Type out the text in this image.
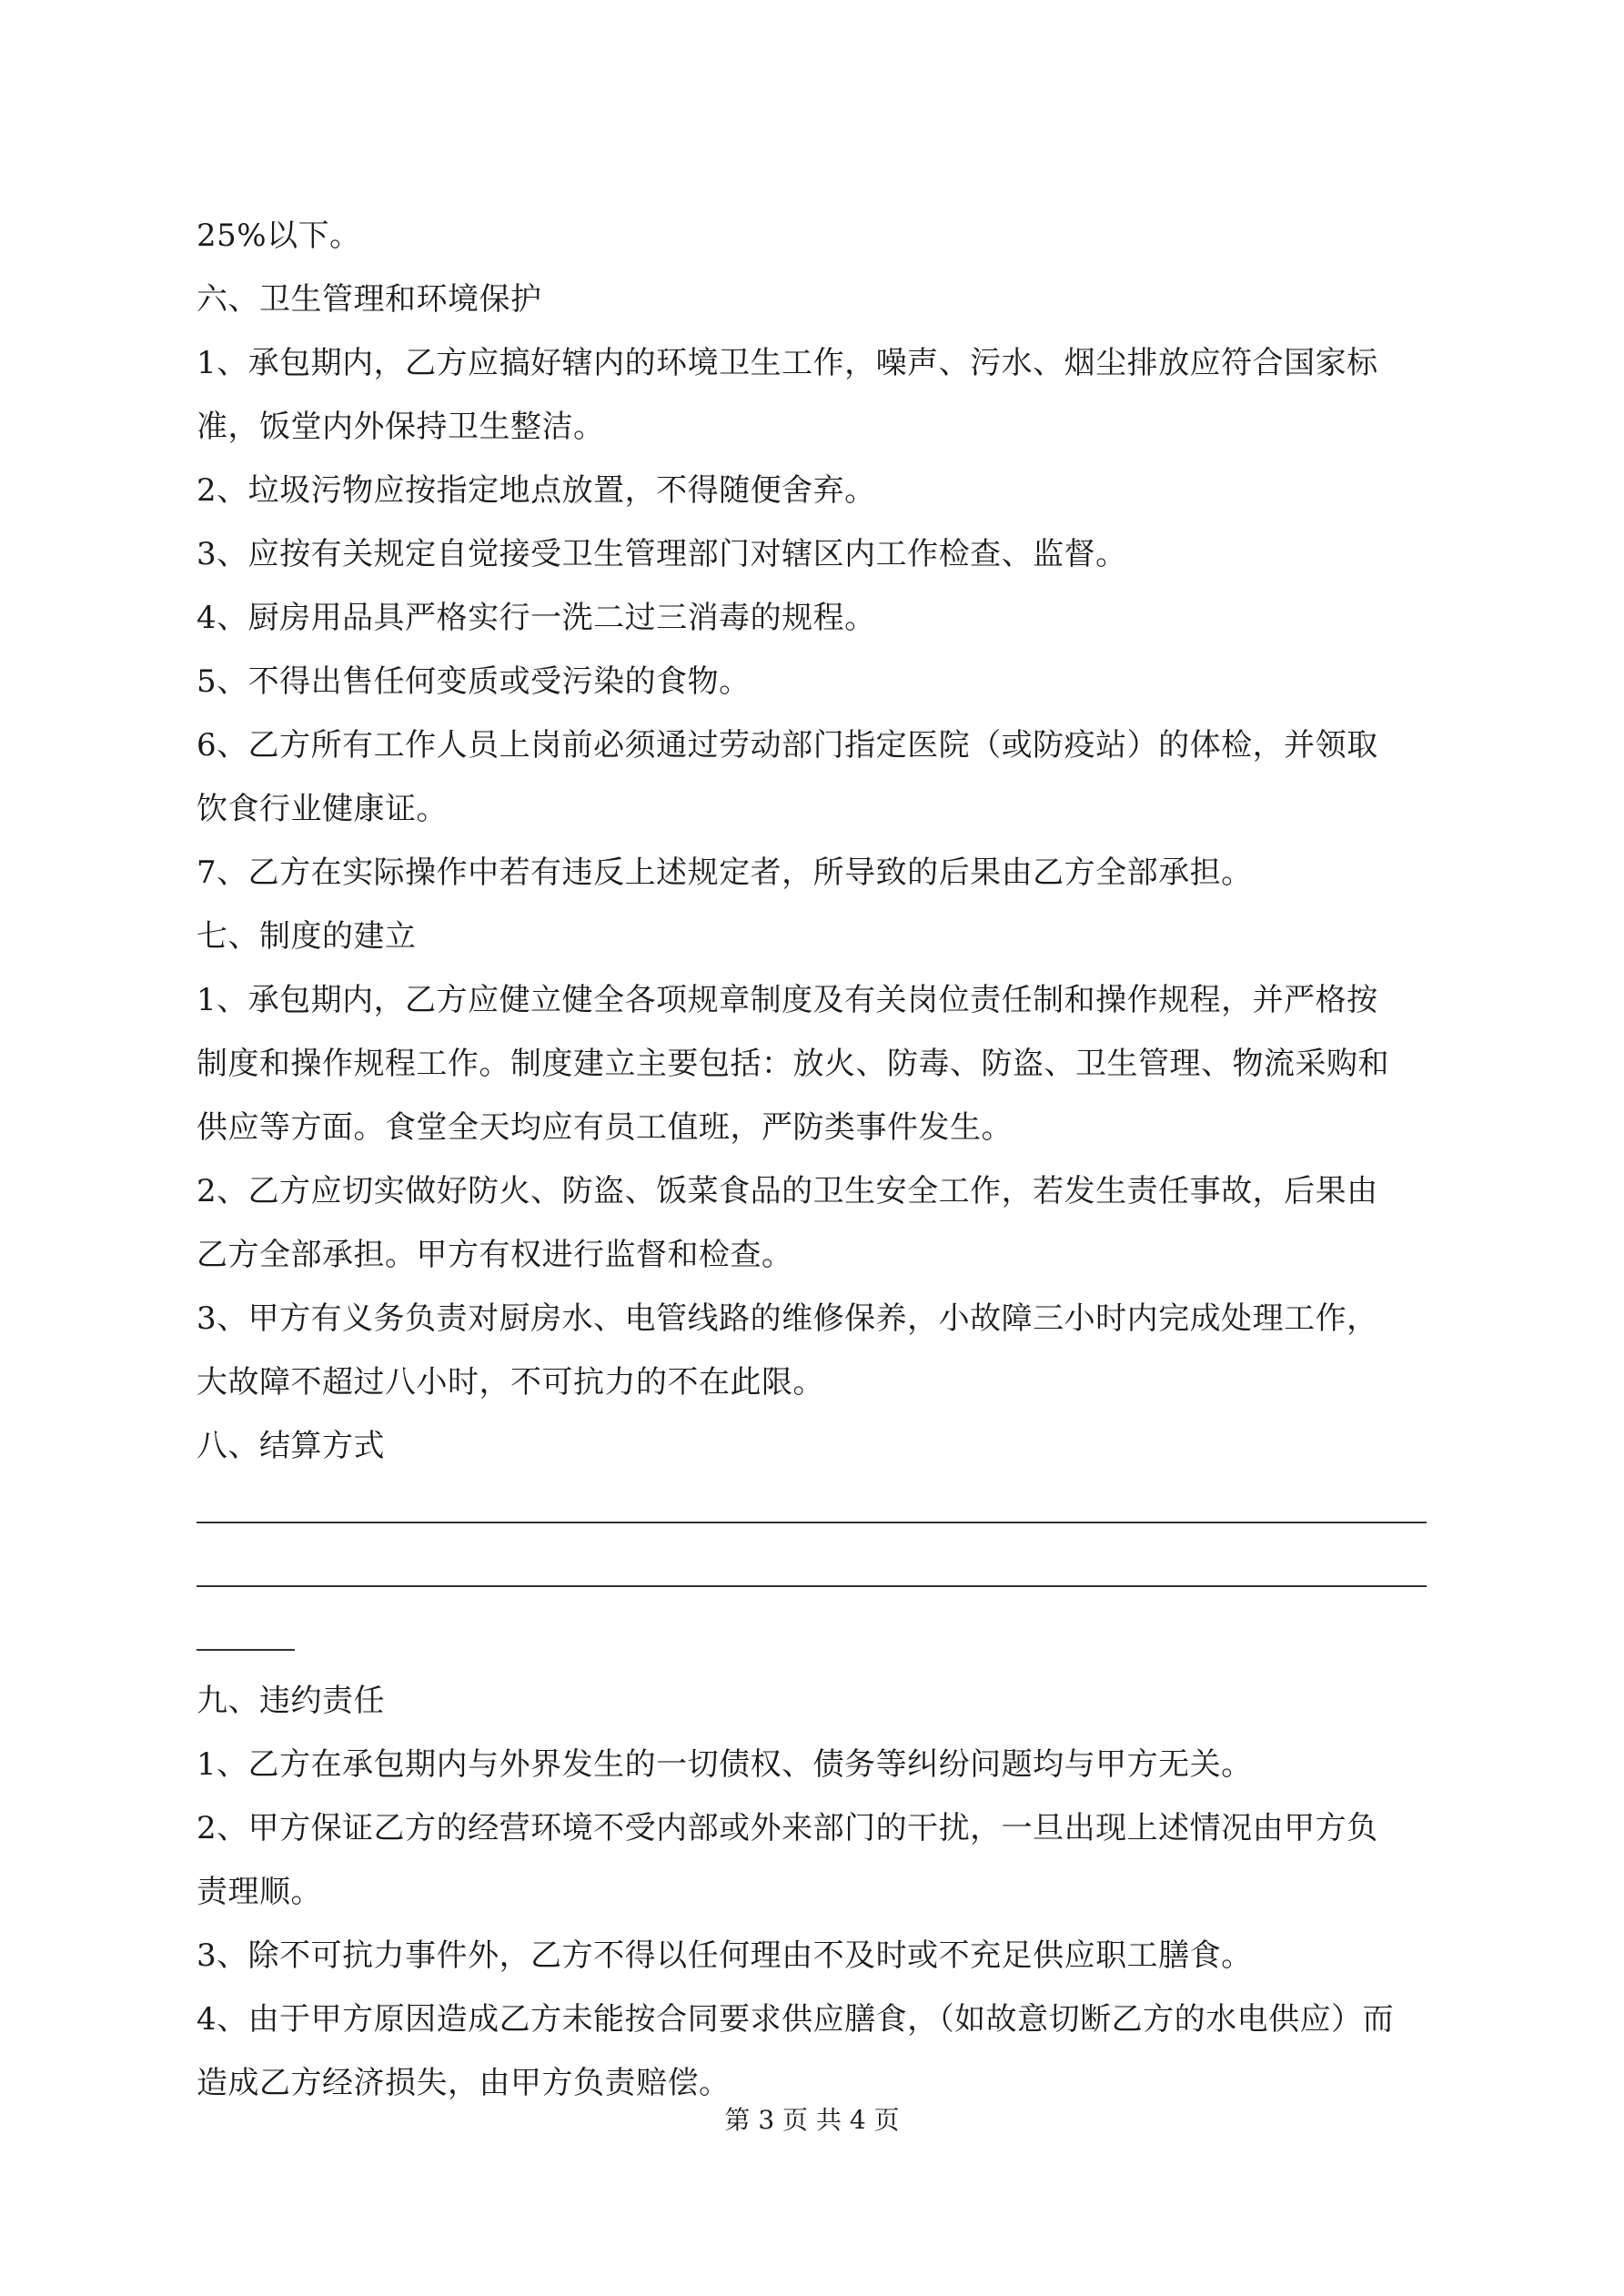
25%以下。
六、卫生管理和环境保护
1、承包期内，乙方应搞好辖内的环境卫生工作，噪声、污水、烟尘排放应符合国家标
准，饭堂内外保持卫生整洁。
2、垃圾污物应按指定地点放置，不得随便舍弃。
3、应按有关规定自觉接受卫生管理部门对辖区内工作检查、监督。
4、厨房用品具严格实行一洗二过三消毒的规程。
5、不得出售任何变质或受污染的食物。
6、乙方所有工作人员上岗前必须通过劳动部门指定医院（或防疫站）的体检，并领取
饮食行业健康证。
7、乙方在实际操作中若有违反上述规定者，所导致的后果由乙方全部承担。
七、制度的建立
1、承包期内，乙方应健立健全各项规章制度及有关岗位责任制和操作规程，并严格按
制度和操作规程工作。制度建立主要包括：放火、防毒、防盗、卫生管理、物流采购和
供应等方面。食堂全天均应有员工值班，严防类事件发生。
2、乙方应切实做好防火、防盗、饭菜食品的卫生安全工作，若发生责任事故，后果由
乙方全部承担。甲方有权进行监督和检查。
3、甲方有义务负责对厨房水、电管线路的维修保养，小故障三小时内完成处理工作，
大故障不超过八小时，不可抗力的不在此限。
八、结算方式
九、违约责任
1、乙方在承包期内与外界发生的一切债权、债务等纠纷问题均与甲方无关。
2、甲方保证乙方的经营环境不受内部或外来部门的干扰，一旦出现上述情况由甲方负
责理顺。
3、除不可抗力事件外，乙方不得以任何理由不及时或不充足供应职工膳食。
4、由于甲方原因造成乙方未能按合同要求供应膳食，（如故意切断乙方的水电供应）而
造成乙方经济损失，由甲方负责赔偿。
第 3 页 共 4 页
